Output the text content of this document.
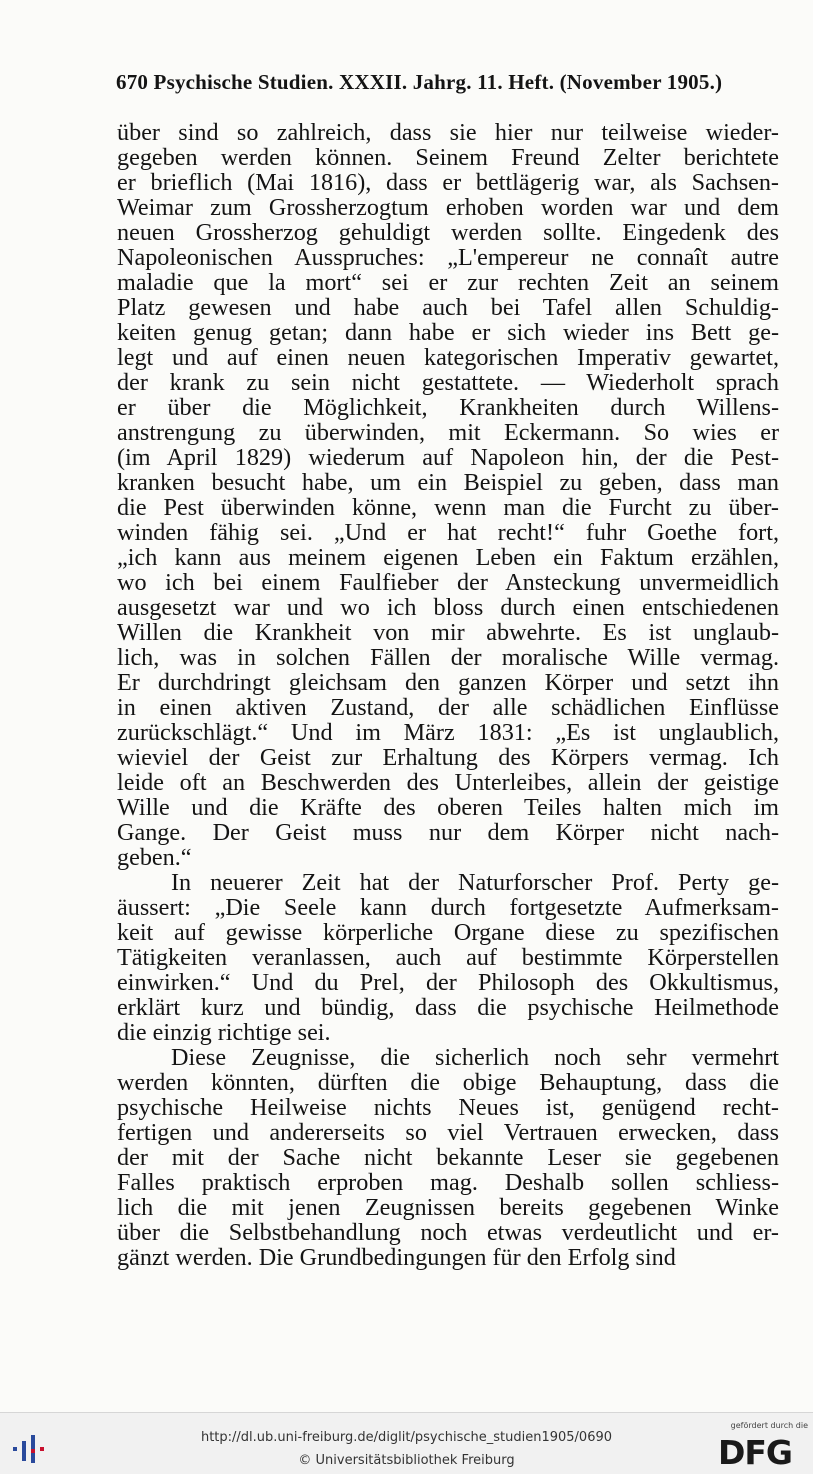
670 Psychische Studien. XXXII. Jahrg. 11. Heft. (November 1905.)
über sind so zahlreich, dass sie hier nur teilweise wieder-
gegeben werden können. Seinem Freund Zelter berichtete
er brieflich (Mai 1816), dass er bettlägerig war, als Sachsen-
Weimar zum Grossherzogtum erhoben worden war und dem
neuen Grossherzog gehuldigt werden sollte. Eingedenk des
Napoleonischen Ausspruches: „L'empereur ne connaît autre
maladie que la mort“ sei er zur rechten Zeit an seinem
Platz gewesen und habe auch bei Tafel allen Schuldig-
keiten genug getan; dann habe er sich wieder ins Bett ge-
legt und auf einen neuen kategorischen Imperativ gewartet,
der krank zu sein nicht gestattete. — Wiederholt sprach
er über die Möglichkeit, Krankheiten durch Willens-
anstrengung zu überwinden, mit Eckermann. So wies er
(im April 1829) wiederum auf Napoleon hin, der die Pest-
kranken besucht habe, um ein Beispiel zu geben, dass man
die Pest überwinden könne, wenn man die Furcht zu über-
winden fähig sei. „Und er hat recht!“ fuhr Goethe fort,
„ich kann aus meinem eigenen Leben ein Faktum erzählen,
wo ich bei einem Faulfieber der Ansteckung unvermeidlich
ausgesetzt war und wo ich bloss durch einen entschiedenen
Willen die Krankheit von mir abwehrte. Es ist unglaub-
lich, was in solchen Fällen der moralische Wille vermag.
Er durchdringt gleichsam den ganzen Körper und setzt ihn
in einen aktiven Zustand, der alle schädlichen Einflüsse
zurückschlägt.“ Und im März 1831: „Es ist unglaublich,
wieviel der Geist zur Erhaltung des Körpers vermag. Ich
leide oft an Beschwerden des Unterleibes, allein der geistige
Wille und die Kräfte des oberen Teiles halten mich im
Gange. Der Geist muss nur dem Körper nicht nach-
geben.“
In neuerer Zeit hat der Naturforscher Prof. Perty ge-
äussert: „Die Seele kann durch fortgesetzte Aufmerksam-
keit auf gewisse körperliche Organe diese zu spezifischen
Tätigkeiten veranlassen, auch auf bestimmte Körperstellen
einwirken.“ Und du Prel, der Philosoph des Okkultismus,
erklärt kurz und bündig, dass die psychische Heilmethode
die einzig richtige sei.
Diese Zeugnisse, die sicherlich noch sehr vermehrt
werden könnten, dürften die obige Behauptung, dass die
psychische Heilweise nichts Neues ist, genügend recht-
fertigen und andererseits so viel Vertrauen erwecken, dass
der mit der Sache nicht bekannte Leser sie gegebenen
Falles praktisch erproben mag. Deshalb sollen schliess-
lich die mit jenen Zeugnissen bereits gegebenen Winke
über die Selbstbehandlung noch etwas verdeutlicht und er-
gänzt werden. Die Grundbedingungen für den Erfolg sind
http://dl.ub.uni-freiburg.de/diglit/psychische_studien1905/0690
© Universitätsbibliothek Freiburg
gefördert durch die
DFG
